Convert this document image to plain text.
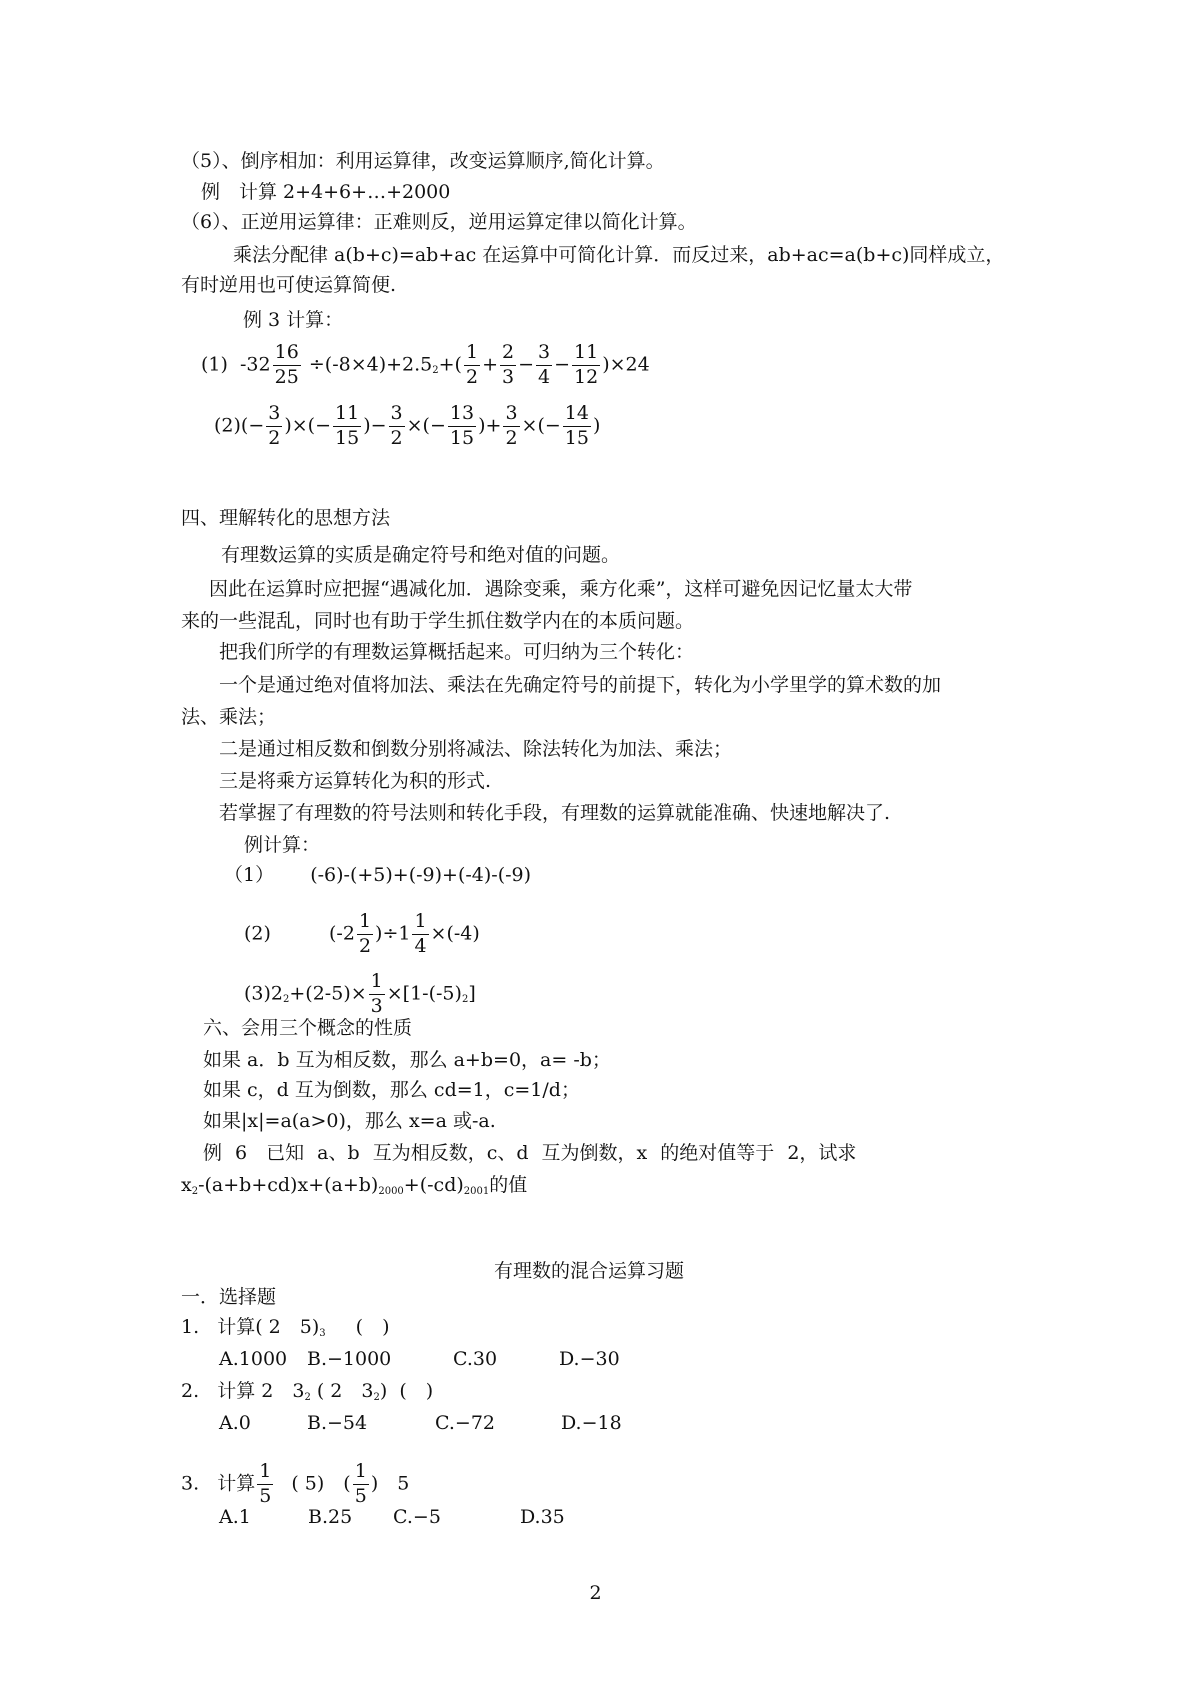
（5）、倒序相加：利用运算律，改变运算顺序,简化计算。
例　计算 2+4+6+…+2000
（6）、正逆用运算律：正难则反，逆用运算定律以简化计算。
乘法分配律 a(b+c)=ab+ac 在运算中可简化计算．而反过来，ab+ac=a(b+c)同样成立，
有时逆用也可使运算简便.
例 3 计算：
(1) $-32 \frac{16}{25} \div(-8\times 4)+2.5^2+( \frac{1}{2} + \frac{2}{3} - \frac{3}{4} - \frac{11}{12} )\times 24$
$(2)(- \frac{3}{2}$ )×(− $\frac{11}{15}$ )− $\frac{3}{2}$ ×(− $\frac{13}{15}$ )+ $\frac{3}{2}$ ×(− $\frac{14}{15}$ )
四、理解转化的思想方法
有理数运算的实质是确定符号和绝对值的问题。
因此在运算时应把握“遇减化加．遇除变乘，乘方化乘”，这样可避免因记忆量太大带
来的一些混乱，同时也有助于学生抓住数学内在的本质问题。
把我们所学的有理数运算概括起来。可归纳为三个转化：
一个是通过绝对值将加法、乘法在先确定符号的前提下，转化为小学里学的算术数的加
法、乘法；
二是通过相反数和倒数分别将减法、除法转化为加法、乘法；
三是将乘方运算转化为积的形式.
若掌握了有理数的符号法则和转化手段，有理数的运算就能准确、快速地解决了.
例计算：
（1） (-6)-(+5)+(-9)+(-4)-(-9)
(2)	$(-2 \frac{1}{2} )\div 1 \frac{1}{4} \times(-4)$
$(3)2^2+(2-5)\times \frac{1}{3} \times[1-(-5)^2]$
六、会用三个概念的性质
如果 a．b 互为相反数，那么 a+b=0，a= -b；
如果 c，d 互为倒数，那么 cd=1，c=1/d；
如果|x|=a(a>0)，那么 x=a 或-a.
例 6　已知 a、b 互为相反数，c、d 互为倒数，x 的绝对值等于 2，试求
$x^2-(a+b+cd)x+(a+b)^{2000}+(-cd)^{2001}$的值
有理数的混合运算习题
一．选择题
1. 计算( 2　5)$^3$ (　)
A.1000 B.−1000	C.30	D.−30
2. 计算 2　$3^2$ ( 2　$3^2$) (　)
A.0	B.−54	C.−72	D.−18
3. 计算 $\frac{1}{5}$ ( 5)　( $\frac{1}{5}$ )　5
A.1	B.25 C.−5	D.35
2
